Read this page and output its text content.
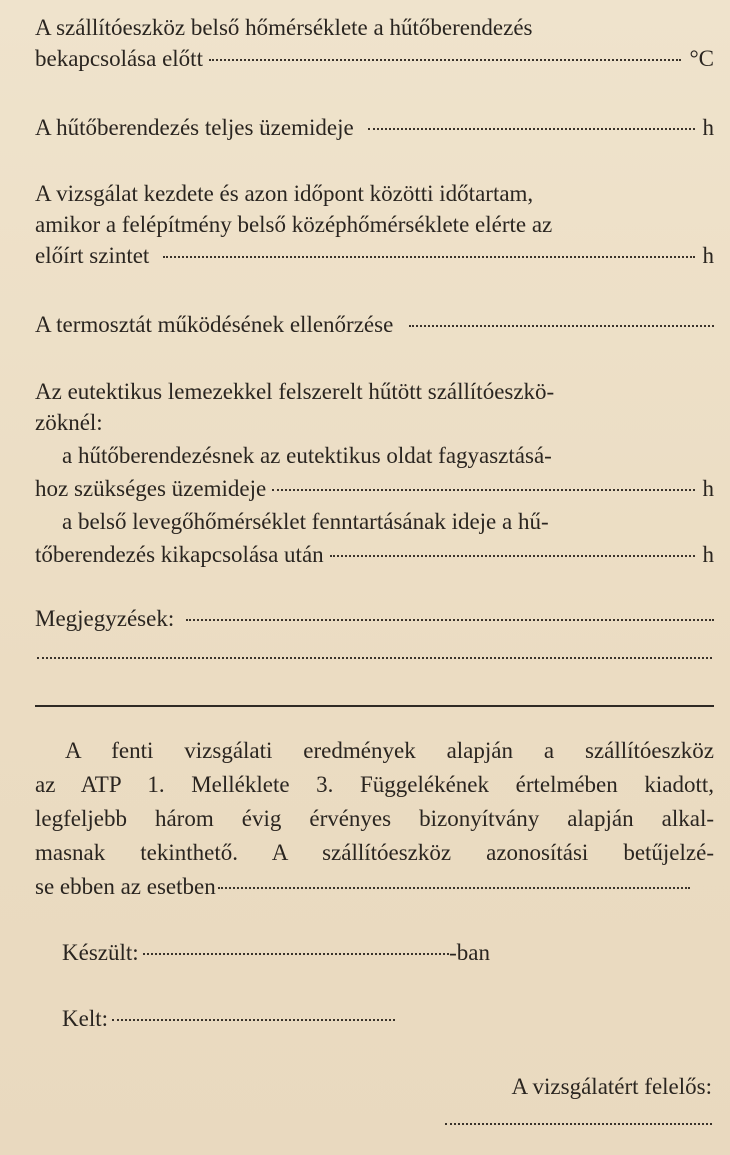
A szállítóeszköz belső hőmérséklete a hűtőberendezés
bekapcsolása előtt	°C
A hűtőberendezés teljes üzemideje	h
A vizsgálat kezdete és azon időpont közötti időtartam,
amikor a felépítmény belső középhőmérséklete elérte az
előírt szintet	h
A termosztát működésének ellenőrzése
Az eutektikus lemezekkel felszerelt hűtött szállítóeszkö-
zöknél:
a hűtőberendezésnek az eutektikus oldat fagyasztásá-
hoz szükséges üzemideje	h
a belső levegőhőmérséklet fenntartásának ideje a hű-
tőberendezés kikapcsolása után	h
Megjegyzések:
A fenti vizsgálati eredmények alapján a szállítóeszköz
az ATP 1. Melléklete 3. Függelékének értelmében kiadott,
legfeljebb három évig érvényes bizonyítvány alapján alkal-
masnak tekinthető. A szállítóeszköz azonosítási betűjelzé-
se ebben az esetben
Készült:	-ban
Kelt:
A vizsgálatért felelős:
